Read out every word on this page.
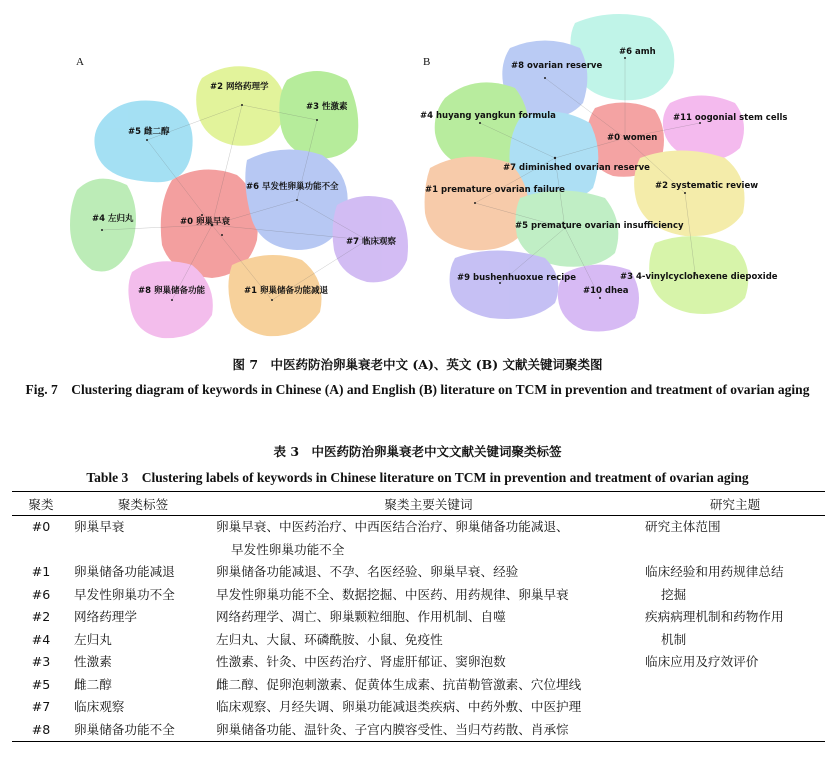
A
#2 网络药理学
#3 性激素
#5 雌二醇
#6 早发性卵巢功能不全
#4 左归丸	#0 卵巢早衰
#7 临床观察
#8 卵巢储备功能	#1 卵巢储备功能减退
B
#6 amh
#8 ovarian reserve
#4 huyang yangkun formula	#11 oogonial stem cells
#0 women
#7 diminished ovarian reserve
#2 systematic review
#1 premature ovarian failure
#5 premature ovarian insufficiency
#9 bushenhuoxue recipe	#3 4-vinylcyclohexene diepoxide
#10 dhea
图 7　中医药防治卵巢衰老中文 (A)、英文 (B) 文献关键词聚类图
Fig. 7　Clustering diagram of keywords in Chinese (A) and English (B) literature on TCM in prevention and treatment of ovarian aging
表 3　中医药防治卵巢衰老中文文献关键词聚类标签
Table 3　Clustering labels of keywords in Chinese literature on TCM in prevention and treatment of ovarian aging
聚类	聚类标签	聚类主要关键词	研究主题
#0	卵巢早衰	卵巢早衰、中医药治疗、中西医结合治疗、卵巢储备功能减退、
早发性卵巢功能不全	研究主体范围
#1	卵巢储备功能减退	卵巢储备功能减退、不孕、名医经验、卵巢早衰、经验	临床经验和用药规律总结
#6	早发性卵巢功不全	早发性卵巢功能不全、数据挖掘、中医药、用药规律、卵巢早衰	挖掘
#2	网络药理学	网络药理学、凋亡、卵巢颗粒细胞、作用机制、自噬	疾病病理机制和药物作用
#4	左归丸	左归丸、大鼠、环磷酰胺、小鼠、免疫性	机制
#3	性激素	性激素、针灸、中医药治疗、肾虚肝郁证、窦卵泡数	临床应用及疗效评价
#5	雌二醇	雌二醇、促卵泡刺激素、促黄体生成素、抗苗勒管激素、穴位埋线	
#7	临床观察	临床观察、月经失调、卵巢功能减退类疾病、中药外敷、中医护理	
#8	卵巢储备功能不全	卵巢储备功能、温针灸、子宫内膜容受性、当归芍药散、肖承悰	
